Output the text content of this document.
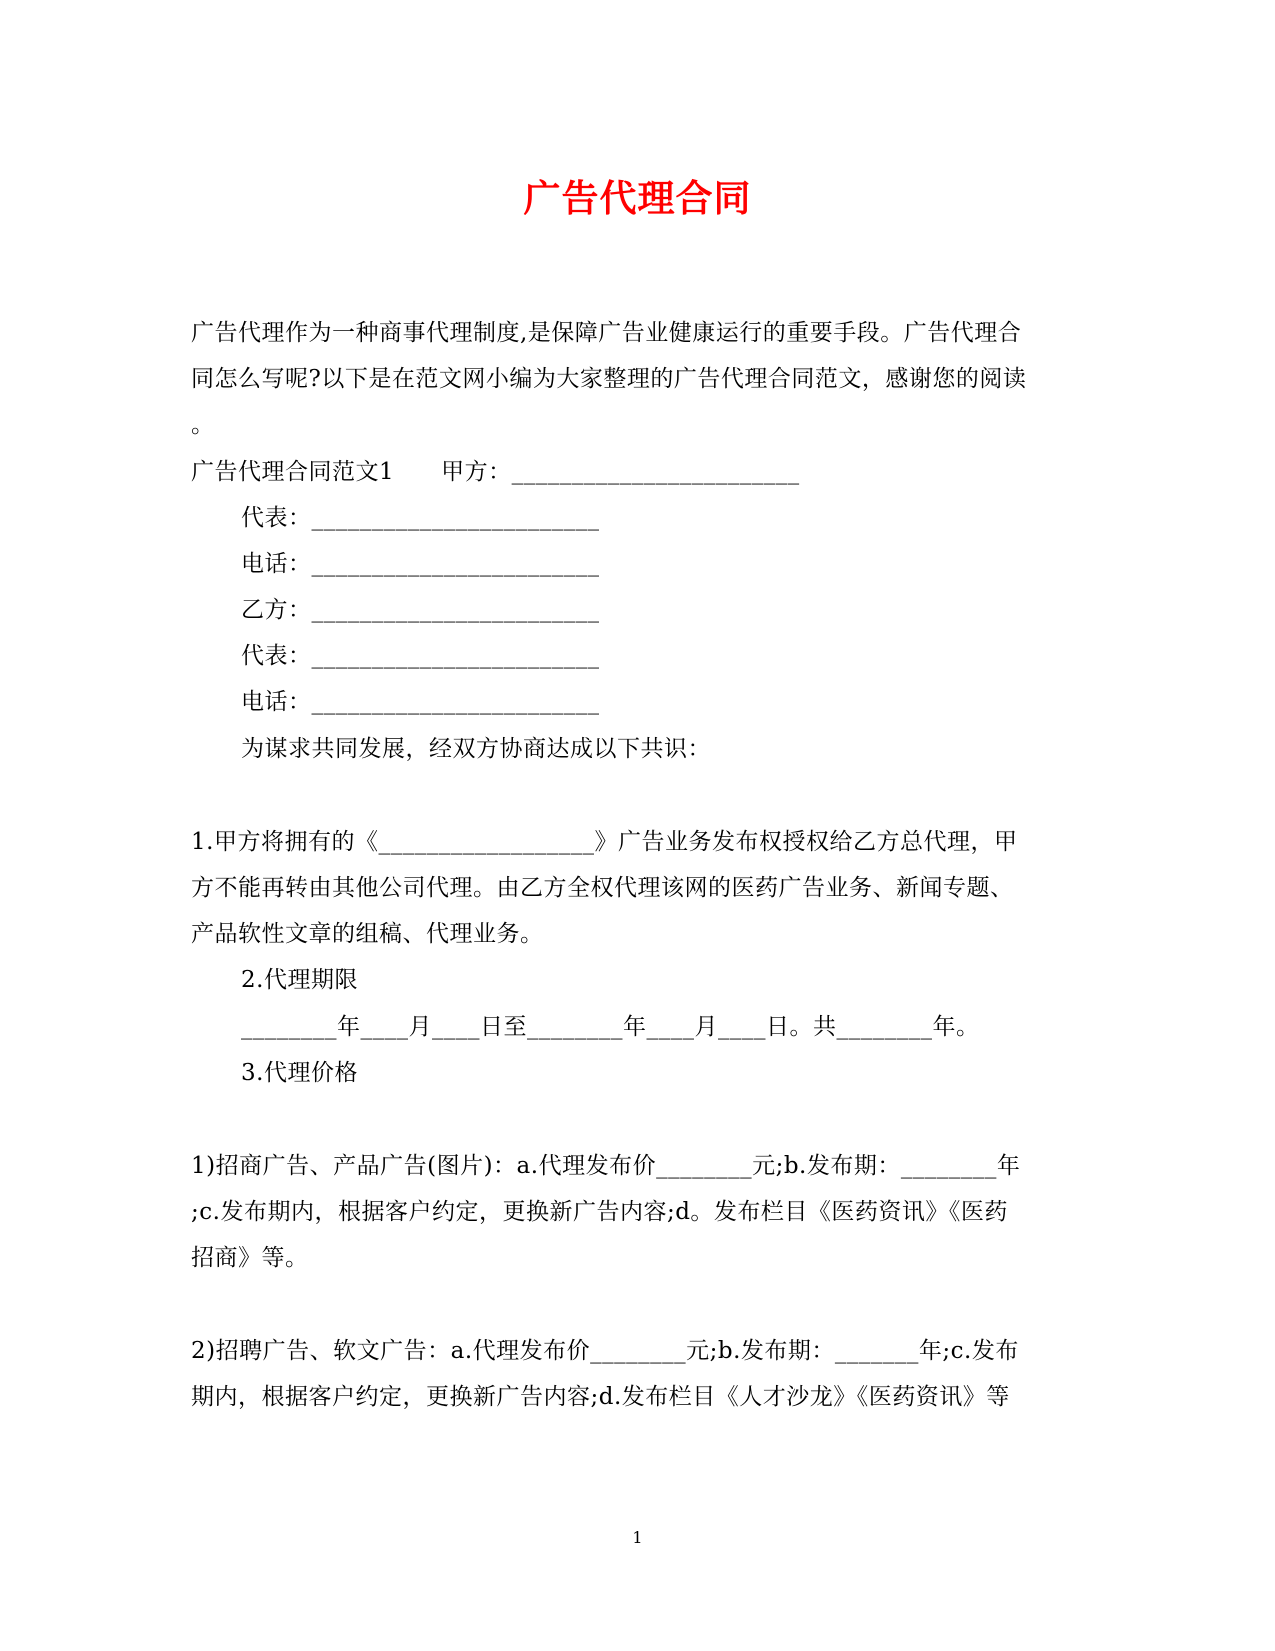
广告代理合同
广告代理作为一种商事代理制度,是保障广告业健康运行的重要手段。广告代理合
同怎么写呢?以下是在范文网小编为大家整理的广告代理合同范文，感谢您的阅读
。
广告代理合同范文1　　甲方：________________________
代表：________________________
电话：________________________
乙方：________________________
代表：________________________
电话：________________________
为谋求共同发展，经双方协商达成以下共识：
1.甲方将拥有的《__________________》广告业务发布权授权给乙方总代理，甲
方不能再转由其他公司代理。由乙方全权代理该网的医药广告业务、新闻专题、
产品软性文章的组稿、代理业务。
2.代理期限
________年____月____日至________年____月____日。共________年。
3.代理价格
1)招商广告、产品广告(图片)：a.代理发布价________元;b.发布期：________年
;c.发布期内，根据客户约定，更换新广告内容;d。发布栏目《医药资讯》《医药
招商》等。
2)招聘广告、软文广告：a.代理发布价________元;b.发布期：_______年;c.发布
期内，根据客户约定，更换新广告内容;d.发布栏目《人才沙龙》《医药资讯》等
1
